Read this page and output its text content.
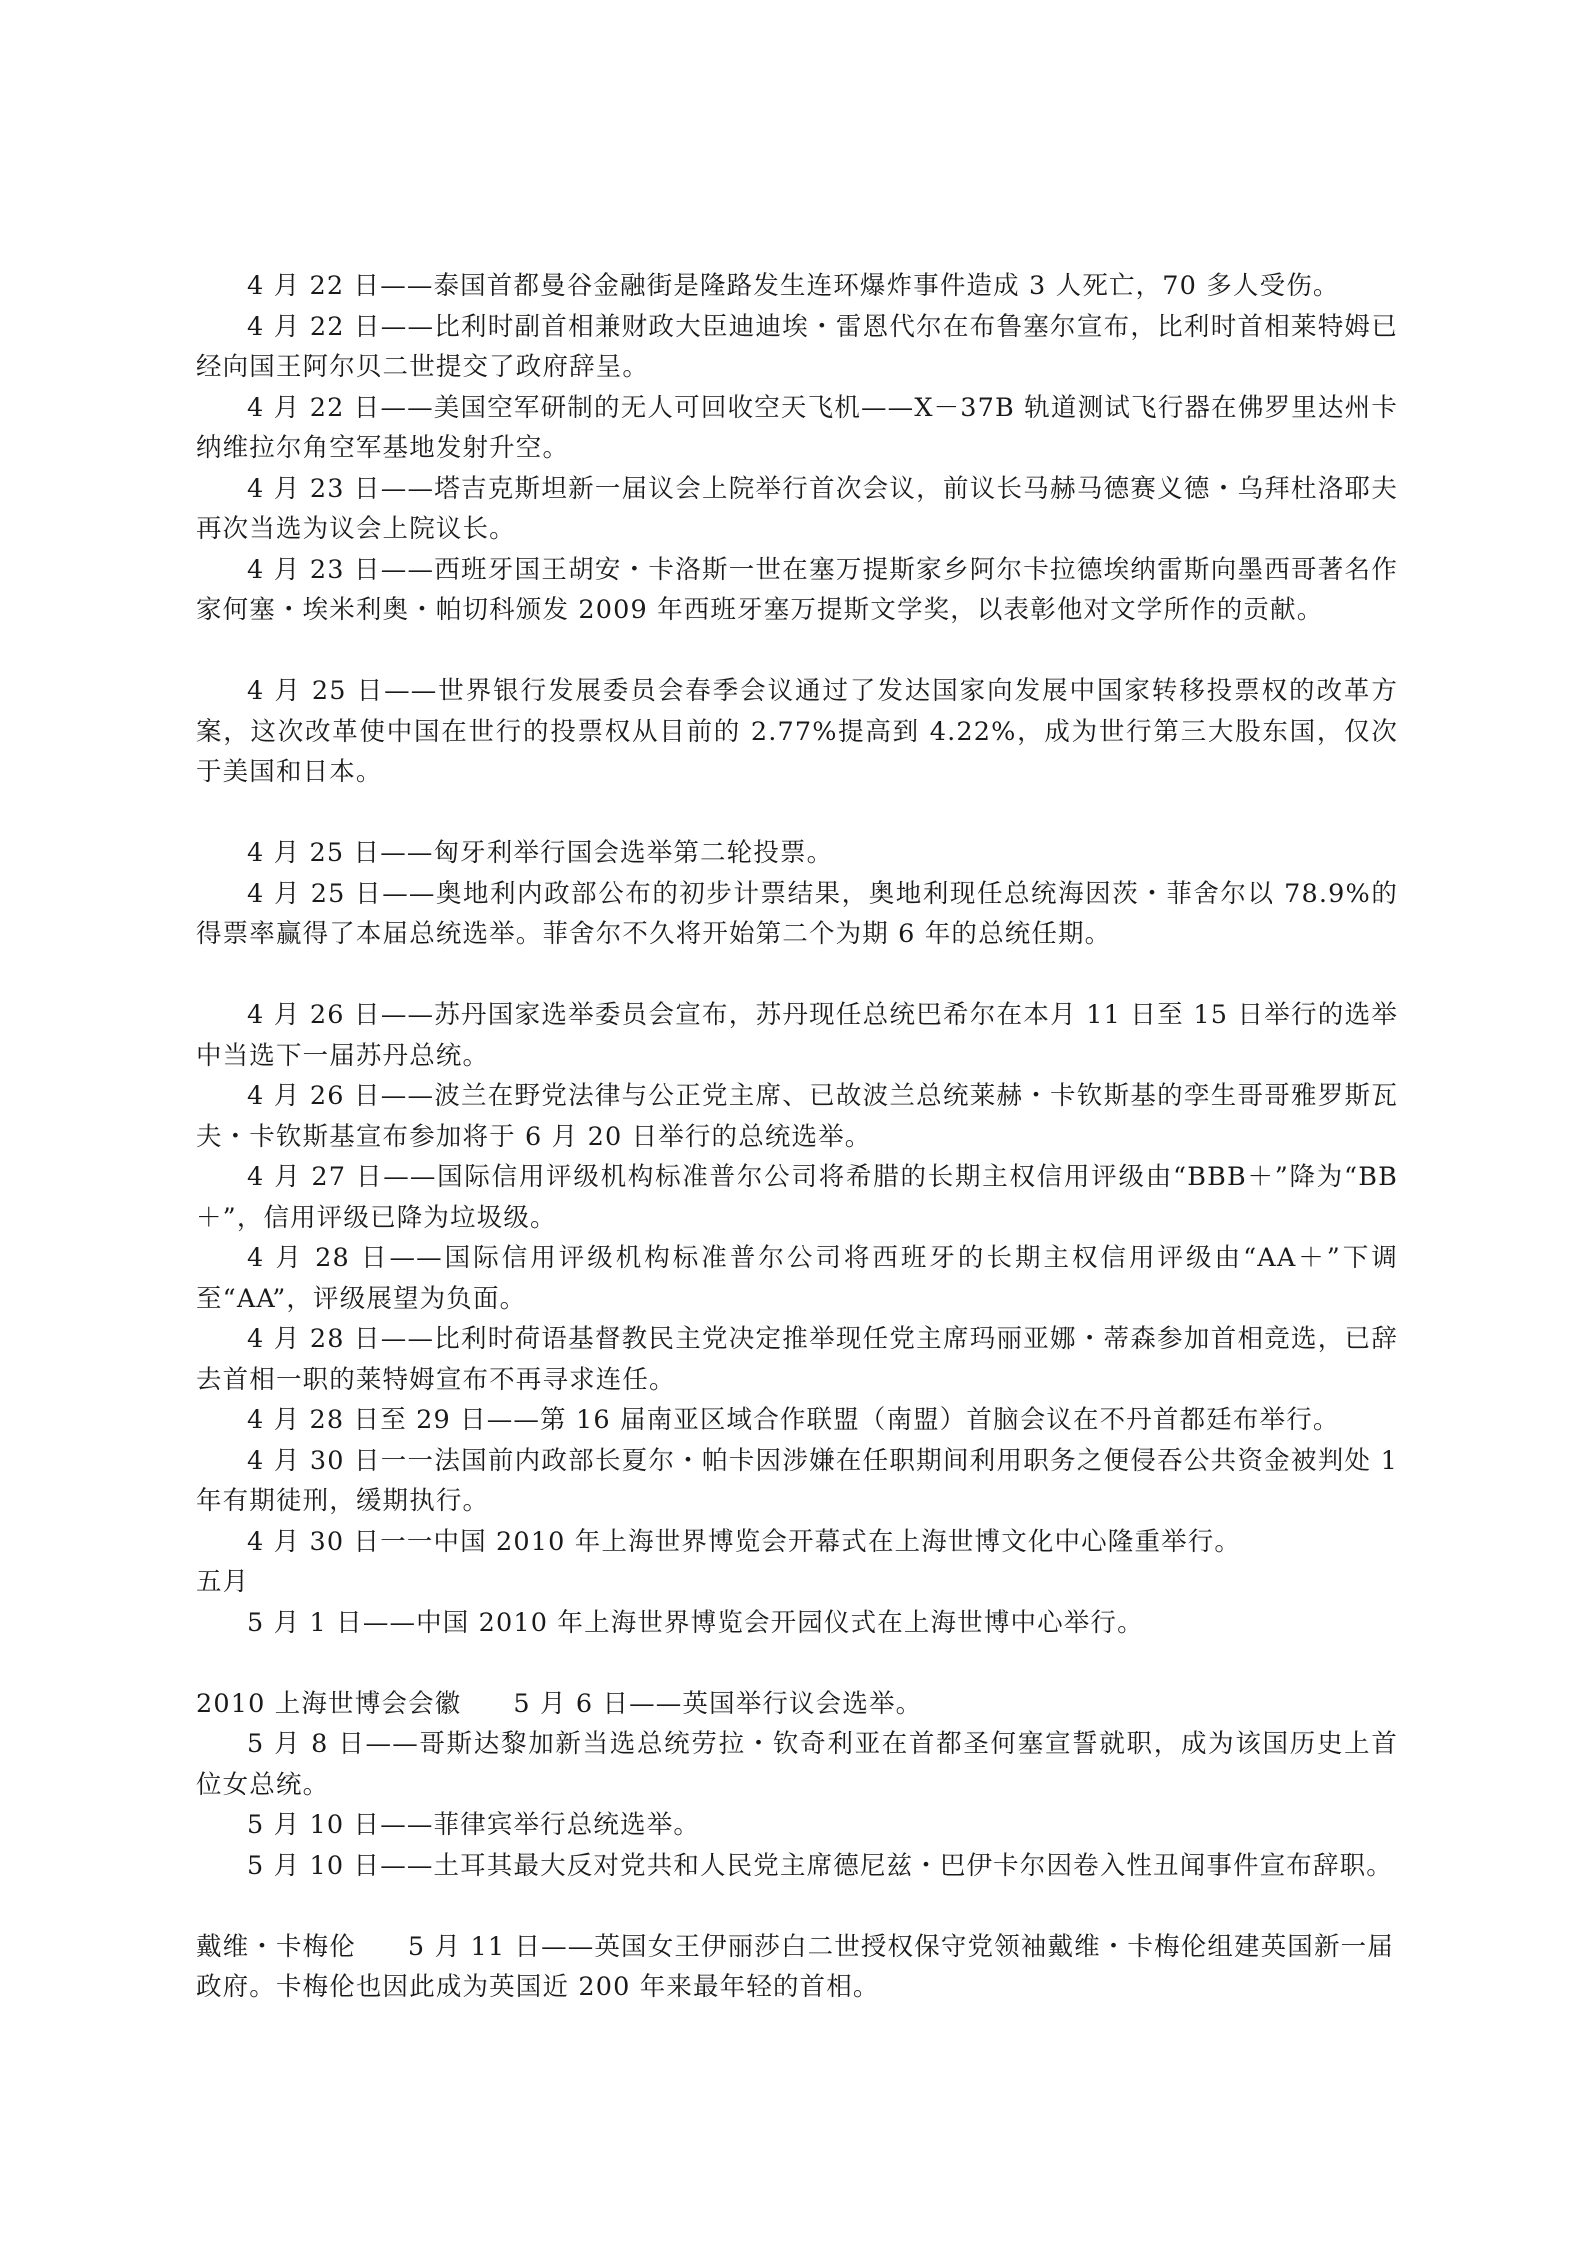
4 月 22 日——泰国首都曼谷金融街是隆路发生连环爆炸事件造成 3 人死亡，70 多人受伤。

4 月 22 日——比利时副首相兼财政大臣迪迪埃・雷恩代尔在布鲁塞尔宣布，比利时首相莱特姆已经向国王阿尔贝二世提交了政府辞呈。

4 月 22 日——美国空军研制的无人可回收空天飞机——X－37B 轨道测试飞行器在佛罗里达州卡纳维拉尔角空军基地发射升空。

4 月 23 日——塔吉克斯坦新一届议会上院举行首次会议，前议长马赫马德赛义德・乌拜杜洛耶夫再次当选为议会上院议长。

4 月 23 日——西班牙国王胡安・卡洛斯一世在塞万提斯家乡阿尔卡拉德埃纳雷斯向墨西哥著名作家何塞・埃米利奥・帕切科颁发 2009 年西班牙塞万提斯文学奖，以表彰他对文学所作的贡献。

4 月 25 日——世界银行发展委员会春季会议通过了发达国家向发展中国家转移投票权的改革方案，这次改革使中国在世行的投票权从目前的 2.77%提高到 4.22%，成为世行第三大股东国，仅次于美国和日本。

4 月 25 日——匈牙利举行国会选举第二轮投票。

4 月 25 日——奥地利内政部公布的初步计票结果，奥地利现任总统海因茨・菲舍尔以 78.9%的得票率赢得了本届总统选举。菲舍尔不久将开始第二个为期 6 年的总统任期。

4 月 26 日——苏丹国家选举委员会宣布，苏丹现任总统巴希尔在本月 11 日至 15 日举行的选举中当选下一届苏丹总统。

4 月 26 日——波兰在野党法律与公正党主席、已故波兰总统莱赫・卡钦斯基的孪生哥哥雅罗斯瓦夫・卡钦斯基宣布参加将于 6 月 20 日举行的总统选举。

4 月 27 日——国际信用评级机构标准普尔公司将希腊的长期主权信用评级由“BBB＋”降为“BB＋”，信用评级已降为垃圾级。

4 月 28 日——国际信用评级机构标准普尔公司将西班牙的长期主权信用评级由“AA＋”下调至“AA”，评级展望为负面。

4 月 28 日——比利时荷语基督教民主党决定推举现任党主席玛丽亚娜・蒂森参加首相竞选，已辞去首相一职的莱特姆宣布不再寻求连任。

4 月 28 日至 29 日——第 16 届南亚区域合作联盟（南盟）首脑会议在不丹首都廷布举行。

4 月 30 日一一法国前内政部长夏尔・帕卡因涉嫌在任职期间利用职务之便侵吞公共资金被判处 1 年有期徒刑，缓期执行。

4 月 30 日一一中国 2010 年上海世界博览会开幕式在上海世博文化中心隆重举行。

五月

5 月 1 日——中国 2010 年上海世界博览会开园仪式在上海世博中心举行。

2010 上海世博会会徽 5 月 6 日——英国举行议会选举。

5 月 8 日——哥斯达黎加新当选总统劳拉・钦奇利亚在首都圣何塞宣誓就职，成为该国历史上首位女总统。

5 月 10 日——菲律宾举行总统选举。

5 月 10 日——土耳其最大反对党共和人民党主席德尼兹・巴伊卡尔因卷入性丑闻事件宣布辞职。

戴维・卡梅伦 5 月 11 日——英国女王伊丽莎白二世授权保守党领袖戴维・卡梅伦组建英国新一届政府。卡梅伦也因此成为英国近 200 年来最年轻的首相。
